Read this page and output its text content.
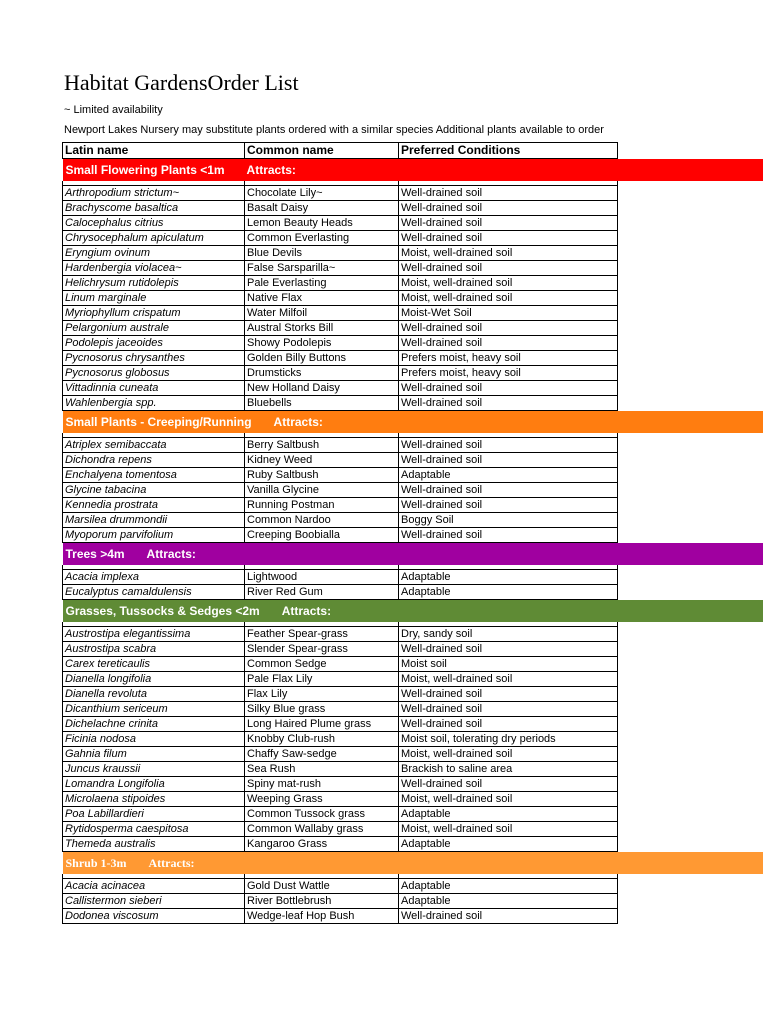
Habitat GardensOrder List
~ Limited availability
Newport Lakes Nursery may substitute plants ordered with a similar species Additional plants available to order
Latin name	Common name	Preferred Conditions	
Small Flowering Plants <1m Attracts:			

Arthropodium strictum~	Chocolate Lily~	Well-drained soil	
Brachyscome basaltica	Basalt Daisy	Well-drained soil	
Calocephalus citrius	Lemon Beauty Heads	Well-drained soil	
Chrysocephalum apiculatum	Common Everlasting	Well-drained soil	
Eryngium ovinum	Blue Devils	Moist, well-drained soil	
Hardenbergia violacea~	False Sarsparilla~	Well-drained soil	
Helichrysum rutidolepis	Pale Everlasting	Moist, well-drained soil	
Linum marginale	Native Flax	Moist, well-drained soil	
Myriophyllum crispatum	Water Milfoil	Moist-Wet Soil	
Pelargonium australe	Austral Storks Bill	Well-drained soil	
Podolepis jaceoides	Showy Podolepis	Well-drained soil	
Pycnosorus chrysanthes	Golden Billy Buttons	Prefers moist, heavy soil	
Pycnosorus globosus	Drumsticks	Prefers moist, heavy soil	
Vittadinnia cuneata	New Holland Daisy	Well-drained soil	
Wahlenbergia spp.	Bluebells	Well-drained soil	
Small Plants - Creeping/Running Attracts:			

Atriplex semibaccata	Berry Saltbush	Well-drained soil	
Dichondra repens	Kidney Weed	Well-drained soil	
Enchalyena tomentosa	Ruby Saltbush	Adaptable	
Glycine tabacina	Vanilla Glycine	Well-drained soil	
Kennedia prostrata	Running Postman	Well-drained soil	
Marsilea drummondii	Common Nardoo	Boggy Soil	
Myoporum parvifolium	Creeping Boobialla	Well-drained soil	
Trees >4m Attracts:			

Acacia implexa	Lightwood	Adaptable	
Eucalyptus camaldulensis	River Red Gum	Adaptable	
Grasses, Tussocks & Sedges <2m Attracts:			

Austrostipa elegantissima	Feather Spear-grass	Dry, sandy soil	
Austrostipa scabra	Slender Spear-grass	Well-drained soil	
Carex tereticaulis	Common Sedge	Moist soil	
Dianella longifolia	Pale Flax Lily	Moist, well-drained soil	
Dianella revoluta	Flax Lily	Well-drained soil	
Dicanthium sericeum	Silky Blue grass	Well-drained soil	
Dichelachne crinita	Long Haired Plume grass	Well-drained soil	
Ficinia nodosa	Knobby Club-rush	Moist soil, tolerating dry periods	
Gahnia filum	Chaffy Saw-sedge	Moist, well-drained soil	
Juncus kraussii	Sea Rush	Brackish to saline area	
Lomandra Longifolia	Spiny mat-rush	Well-drained soil	
Microlaena stipoides	Weeping Grass	Moist, well-drained soil	
Poa Labillardieri	Common Tussock grass	Adaptable	
Rytidosperma caespitosa	Common Wallaby grass	Moist, well-drained soil	
Themeda australis	Kangaroo Grass	Adaptable	
Shrub 1-3m Attracts:			

Acacia acinacea	Gold Dust Wattle	Adaptable	
Callistermon sieberi	River Bottlebrush	Adaptable	
Dodonea viscosum	Wedge-leaf Hop Bush	Well-drained soil	
